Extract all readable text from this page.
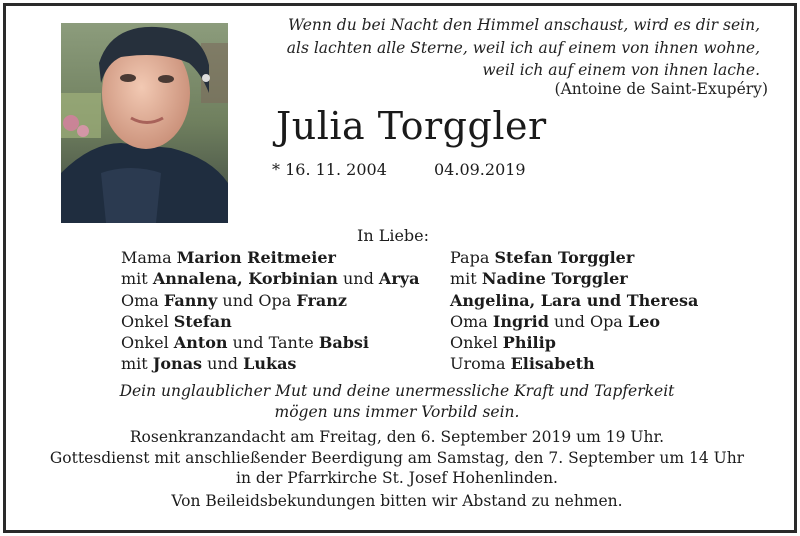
Wenn du bei Nacht den Himmel anschaust, wird es dir sein,
als lachten alle Sterne, weil ich auf einem von ihnen wohne,
weil ich auf einem von ihnen lache.
(Antoine de Saint-Exupéry)
Julia Torggler
* 16. 11. 2004	04.09.2019
In Liebe:
Mama Marion Reitmeier
mit Annalena, Korbinian und Arya
Oma Fanny und Opa Franz
Onkel Stefan
Onkel Anton und Tante Babsi
mit Jonas und Lukas
Papa Stefan Torggler
mit Nadine Torggler
Angelina, Lara und Theresa
Oma Ingrid und Opa Leo
Onkel Philip
Uroma Elisabeth
Dein unglaublicher Mut und deine unermessliche Kraft und Tapferkeit
mögen uns immer Vorbild sein.
Rosenkranzandacht am Freitag, den 6. September 2019 um 19 Uhr.
Gottesdienst mit anschließender Beerdigung am Samstag, den 7. September um 14 Uhr
in der Pfarrkirche St. Josef Hohenlinden.
Von Beileidsbekundungen bitten wir Abstand zu nehmen.
